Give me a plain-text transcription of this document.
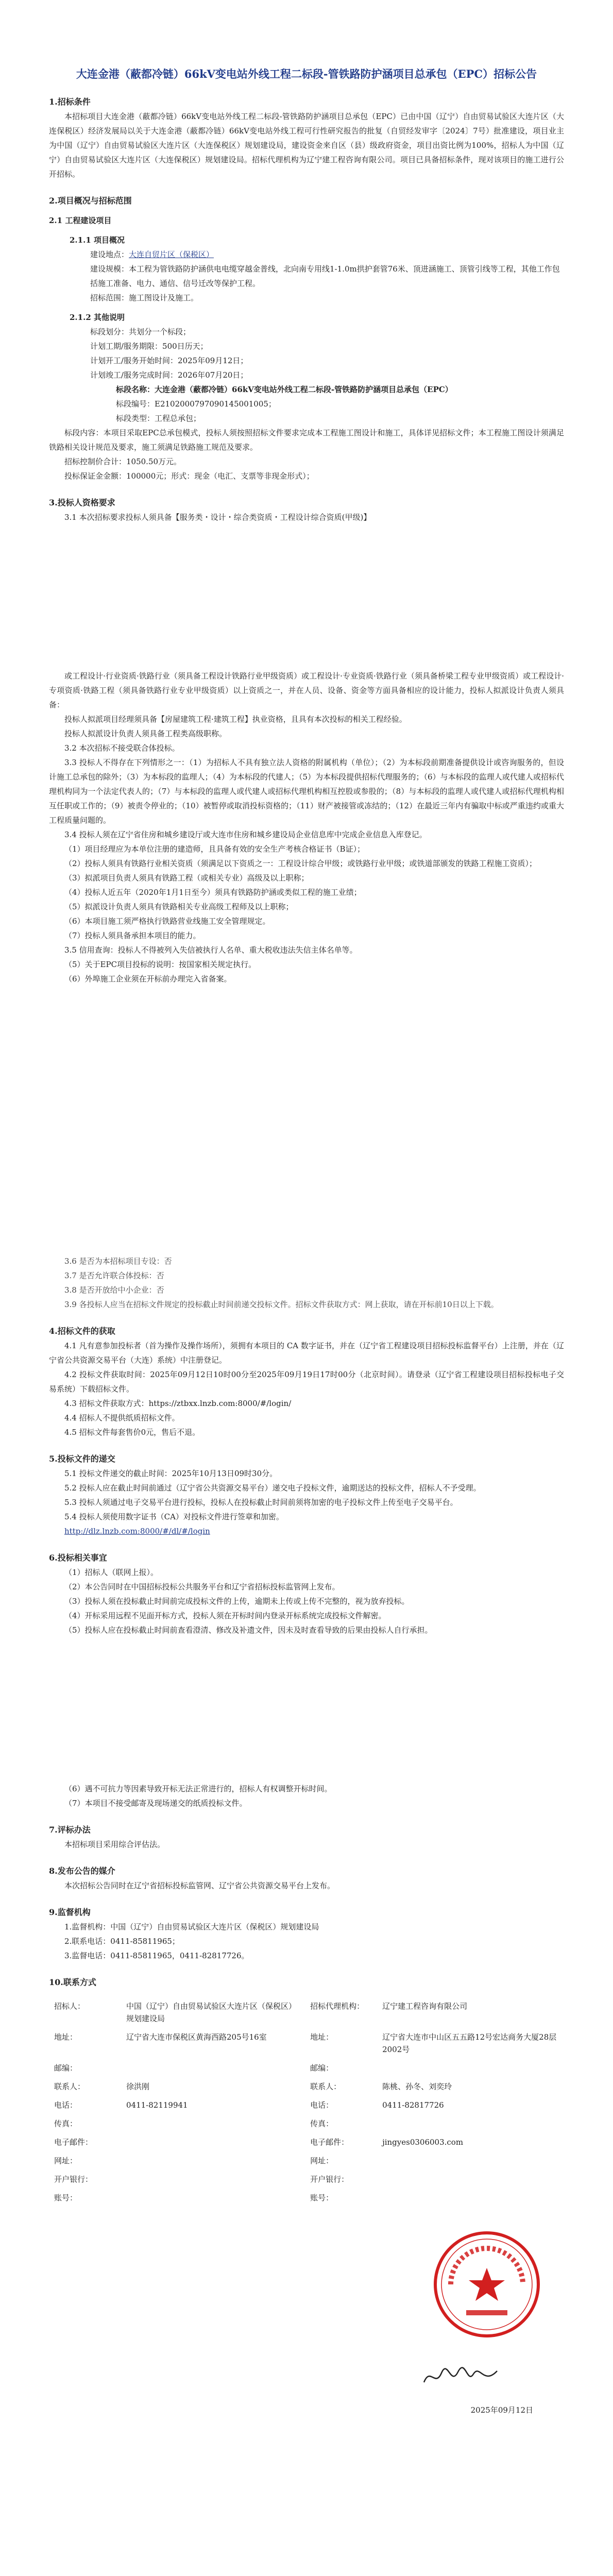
大连金港（蔽都冷链）66kV变电站外线工程二标段-管铁路防护涵项目总承包（EPC）招标公告
1.招标条件

本招标项目大连金港（蔽都冷链）66kV变电站外线工程二标段-管铁路防护涵项目总承包（EPC）已由中国（辽宁）自由贸易试验区大连片区（大连保税区）经济发展局以关于大连金港（蔽都冷链）66kV变电站外线工程可行性研究报告的批复（自贸经发审字〔2024〕7号）批准建设，项目业主为中国（辽宁）自由贸易试验区大连片区（大连保税区）规划建设局，建设资金来自区（县）级政府资金，项目出资比例为100%，招标人为中国（辽宁）自由贸易试验区大连片区（大连保税区）规划建设局。招标代理机构为辽宁建工程咨询有限公司。项目已具备招标条件，现对该项目的施工进行公开招标。

2.项目概况与招标范围
2.1 工程建设项目
2.1.1 项目概况
建设地点：大连自贸片区（保税区）
建设规模：本工程为管铁路防护涵供电电缆穿越金普线，北向南专用线1-1.0m拱护套管76米、顶进涵施工、顶管引线等工程，其他工作包括施工准备、电力、通信、信号迁改等保护工程。
招标范围：施工图设计及施工。
2.1.2 其他说明
标段划分：共划分一个标段；
计划工期/服务期限：500日历天；
计划开工/服务开始时间：2025年09月12日；
计划竣工/服务完成时间：2026年07月20日；
标段名称：大连金港（蔽都冷链）66kV变电站外线工程二标段-管铁路防护涵项目总承包（EPC）
标段编号：E2102000797090145001005；
标段类型：工程总承包；

标段内容：本项目采取EPC总承包模式，投标人须按照招标文件要求完成本工程施工图设计和施工，具体详见招标文件；本工程施工图设计须满足铁路相关设计规范及要求，施工须满足铁路施工规范及要求。

招标控制价合计：1050.50万元。

投标保证金金额：100000元；形式：现金（电汇、支票等非现金形式）；

3.投标人资格要求

3.1 本次招标要求投标人须具备【服务类・设计・综合类资质・工程设计综合资质(甲级)】

或工程设计·行业资质·铁路行业（须具备工程设计铁路行业甲级资质）或工程设计·专业资质·铁路行业（须具备桥梁工程专业甲级资质）或工程设计·专项资质·铁路工程（须具备铁路行业专业甲级资质）以上资质之一，并在人员、设备、资金等方面具备相应的设计能力，投标人拟派设计负责人须具备：

投标人拟派项目经理须具备【房屋建筑工程·建筑工程】执业资格，且具有本次投标的相关工程经验。

投标人拟派设计负责人须具备工程类高级职称。

3.2 本次招标不接受联合体投标。

3.3 投标人不得存在下列情形之一：（1）为招标人不具有独立法人资格的附属机构（单位）；（2）为本标段前期准备提供设计或咨询服务的，但设计施工总承包的除外；（3）为本标段的监理人；（4）为本标段的代建人；（5）为本标段提供招标代理服务的；（6）与本标段的监理人或代建人或招标代理机构同为一个法定代表人的；（7）与本标段的监理人或代建人或招标代理机构相互控股或参股的；（8）与本标段的监理人或代建人或招标代理机构相互任职或工作的；（9）被责令停业的；（10）被暂停或取消投标资格的；（11）财产被接管或冻结的；（12）在最近三年内有骗取中标或严重违约或重大工程质量问题的。

3.4 投标人须在辽宁省住房和城乡建设厅或大连市住房和城乡建设局企业信息库中完成企业信息入库登记。

（1）项目经理应为本单位注册的建造师，且具备有效的安全生产考核合格证书（B证）；

（2）投标人须具有铁路行业相关资质（须满足以下资质之一：工程设计综合甲级；或铁路行业甲级；或铁道部颁发的铁路工程施工资质）；

（3）拟派项目负责人须具有铁路工程（或相关专业）高级及以上职称；

（4）投标人近五年（2020年1月1日至今）须具有铁路防护涵或类似工程的施工业绩；

（5）拟派设计负责人须具有铁路相关专业高级工程师及以上职称；

（6）本项目施工须严格执行铁路营业线施工安全管理规定。

（7）投标人须具备承担本项目的能力。

3.5 信用查询：投标人不得被列入失信被执行人名单、重大税收违法失信主体名单等。

（5）关于EPC项目投标的说明：按国家相关规定执行。

（6）外埠施工企业须在开标前办理完入省备案。

3.6 是否为本招标项目专设：否

3.7 是否允许联合体投标：否

3.8 是否开放给中小企业：否

3.9 各投标人应当在招标文件规定的投标截止时间前递交投标文件。招标文件获取方式：网上获取，请在开标前10日以上下载。

4.招标文件的获取

4.1 凡有意参加投标者（首为操作及操作场所），须拥有本项目的 CA 数字证书，并在（辽宁省工程建设项目招标投标监督平台）上注册，并在（辽宁省公共资源交易平台（大连）系统）中注册登记。

4.2 投标文件获取时间：2025年09月12日10时00分至2025年09月19日17时00分（北京时间）。请登录（辽宁省工程建设项目招标投标电子交易系统）下载招标文件。

4.3 招标文件获取方式：https://ztbxx.lnzb.com:8000/#/login/

4.4 招标人不提供纸质招标文件。

4.5 招标文件每套售价0元，售后不退。

5.投标文件的递交

5.1 投标文件递交的截止时间：2025年10月13日09时30分。

5.2 投标人应在截止时间前通过（辽宁省公共资源交易平台）递交电子投标文件，逾期送达的投标文件，招标人不予受理。

5.3 投标人须通过电子交易平台进行投标，投标人在投标截止时间前须将加密的电子投标文件上传至电子交易平台。

5.4 投标人须使用数字证书（CA）对投标文件进行签章和加密。

http://dlz.lnzb.com:8000/#/dl/#/login

6.投标相关事宜

（1）招标人（联网上报）。

（2）本公告同时在中国招标投标公共服务平台和辽宁省招标投标监管网上发布。

（3）投标人须在投标截止时间前完成投标文件的上传，逾期未上传或上传不完整的，视为放弃投标。

（4）开标采用远程不见面开标方式，投标人须在开标时间内登录开标系统完成投标文件解密。

（5）投标人应在投标截止时间前查看澄清、修改及补遗文件，因未及时查看导致的后果由投标人自行承担。

（6）遇不可抗力等因素导致开标无法正常进行的，招标人有权调整开标时间。

（7）本项目不接受邮寄及现场递交的纸质投标文件。

7.评标办法

本招标项目采用综合评估法。

8.发布公告的媒介

本次招标公告同时在辽宁省招标投标监管网、辽宁省公共资源交易平台上发布。

9.监督机构

1.监督机构：中国（辽宁）自由贸易试验区大连片区（保税区）规划建设局

2.联系电话：0411-85811965；

3.监督电话：0411-85811965，0411-82817726。

10.联系方式
招标人：	中国（辽宁）自由贸易试验区大连片区（保税区）规划建设局	招标代理机构：	辽宁建工程咨询有限公司
地址：	辽宁省大连市保税区黄海西路205号16室	地址：	辽宁省大连市中山区五五路12号宏达商务大厦28层2002号
邮编：		邮编：	
联系人：	徐洪刚	联系人：	陈桃、孙冬、刘奕玲
电话：	0411-82119941	电话：	0411-82817726
传真：		传真：	
电子邮件：		电子邮件：	jingyes0306003.com
网址：		网址：	
开户银行：		开户银行：	
账号：		账号：	
2025年09月12日
